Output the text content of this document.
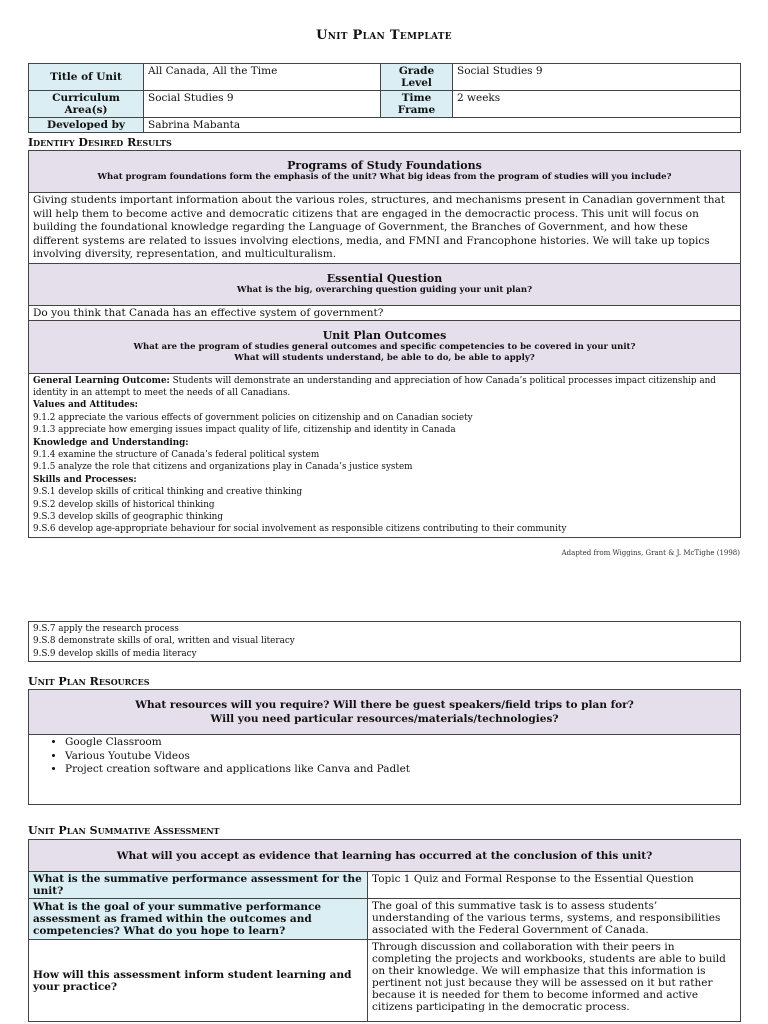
Unit Plan Template
Title of Unit	All Canada, All the Time	Grade Level	Social Studies 9
Curriculum Area(s)	Social Studies 9	Time Frame	2 weeks
Developed by	Sabrina Mabanta		
Identify Desired Results
Programs of Study Foundations
What program foundations form the emphasis of the unit? What big ideas from the program of studies will you include?

Giving students important information about the various roles, structures, and mechanisms present in Canadian government that will help them to become active and democratic citizens that are engaged in the democractic process. This unit will focus on building the foundational knowledge regarding the Language of Government, the Branches of Government, and how these different systems are related to issues involving elections, media, and FMNI and Francophone histories. We will take up topics involving diversity, representation, and multiculturalism.

Essential Question
What is the big, overarching question guiding your unit plan?

Do you think that Canada has an effective system of government?

Unit Plan Outcomes
What are the program of studies general outcomes and specific competencies to be covered in your unit?
What will students understand, be able to do, be able to apply?

General Learning Outcome: Students will demonstrate an understanding and appreciation of how Canada’s political processes impact citizenship and identity in an attempt to meet the needs of all Canadians.
Values and Attitudes:
9.1.2 appreciate the various effects of government policies on citizenship and on Canadian society
9.1.3 appreciate how emerging issues impact quality of life, citizenship and identity in Canada
Knowledge and Understanding:
9.1.4 examine the structure of Canada’s federal political system
9.1.5 analyze the role that citizens and organizations play in Canada’s justice system
Skills and Processes:
9.S.1 develop skills of critical thinking and creative thinking
9.S.2 develop skills of historical thinking
9.S.3 develop skills of geographic thinking
9.S.6 develop age-appropriate behaviour for social involvement as responsible citizens contributing to their community
Adapted from Wiggins, Grant & J. McTighe (1998)
9.S.7 apply the research process
9.S.8 demonstrate skills of oral, written and visual literacy
9.S.9 develop skills of media literacy
Unit Plan Resources
What resources will you require? Will there be guest speakers/field trips to plan for?
Will you need particular resources/materials/technologies?

• Google Classroom
• Various Youtube Videos
• Project creation software and applications like Canva and Padlet
Unit Plan Summative Assessment
What will you accept as evidence that learning has occurred at the conclusion of this unit?	
What is the summative performance assessment for the unit?	Topic 1 Quiz and Formal Response to the Essential Question
What is the goal of your summative performance assessment as framed within the outcomes and competencies? What do you hope to learn?	The goal of this summative task is to assess students’ understanding of the various terms, systems, and responsibilities associated with the Federal Government of Canada.
How will this assessment inform student learning and your practice?	Through discussion and collaboration with their peers in completing the projects and workbooks, students are able to build on their knowledge. We will emphasize that this information is pertinent not just because they will be assessed on it but rather because it is needed for them to become informed and active citizens participating in the democratic process.
